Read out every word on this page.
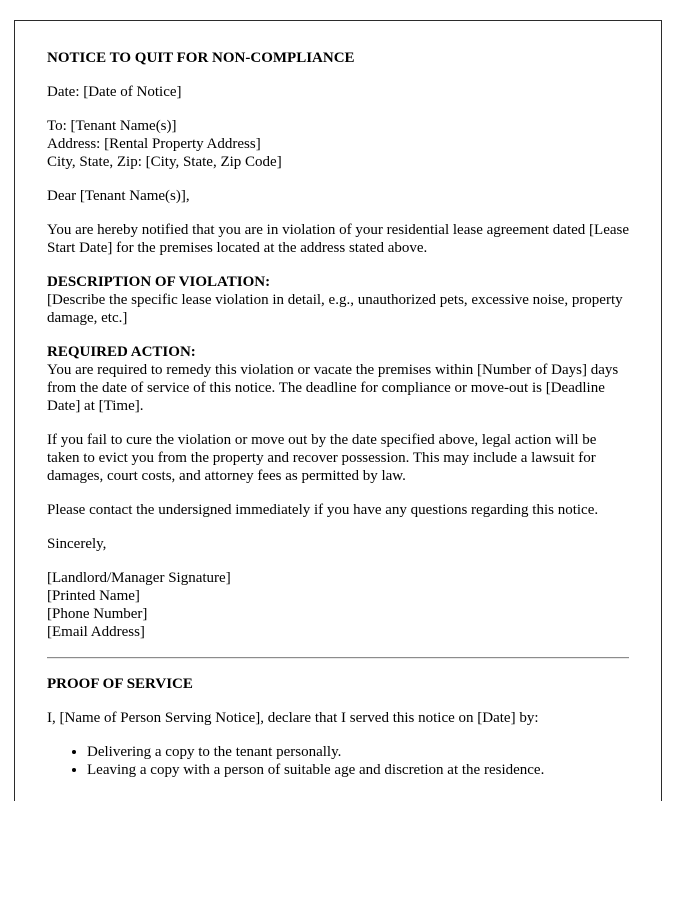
NOTICE TO QUIT FOR NON-COMPLIANCE
Date: [Date of Notice]
To: [Tenant Name(s)]
Address: [Rental Property Address]
City, State, Zip: [City, State, Zip Code]
Dear [Tenant Name(s)],
You are hereby notified that you are in violation of your residential lease agreement dated [Lease Start Date] for the premises located at the address stated above.
DESCRIPTION OF VIOLATION:
[Describe the specific lease violation in detail, e.g., unauthorized pets, excessive noise, property damage, etc.]
REQUIRED ACTION:
You are required to remedy this violation or vacate the premises within [Number of Days] days from the date of service of this notice. The deadline for compliance or move-out is [Deadline Date] at [Time].
If you fail to cure the violation or move out by the date specified above, legal action will be taken to evict you from the property and recover possession. This may include a lawsuit for damages, court costs, and attorney fees as permitted by law.
Please contact the undersigned immediately if you have any questions regarding this notice.
Sincerely,
[Landlord/Manager Signature]
[Printed Name]
[Phone Number]
[Email Address]
PROOF OF SERVICE
I, [Name of Person Serving Notice], declare that I served this notice on [Date] by:
• Delivering a copy to the tenant personally.
• Leaving a copy with a person of suitable age and discretion at the residence.
